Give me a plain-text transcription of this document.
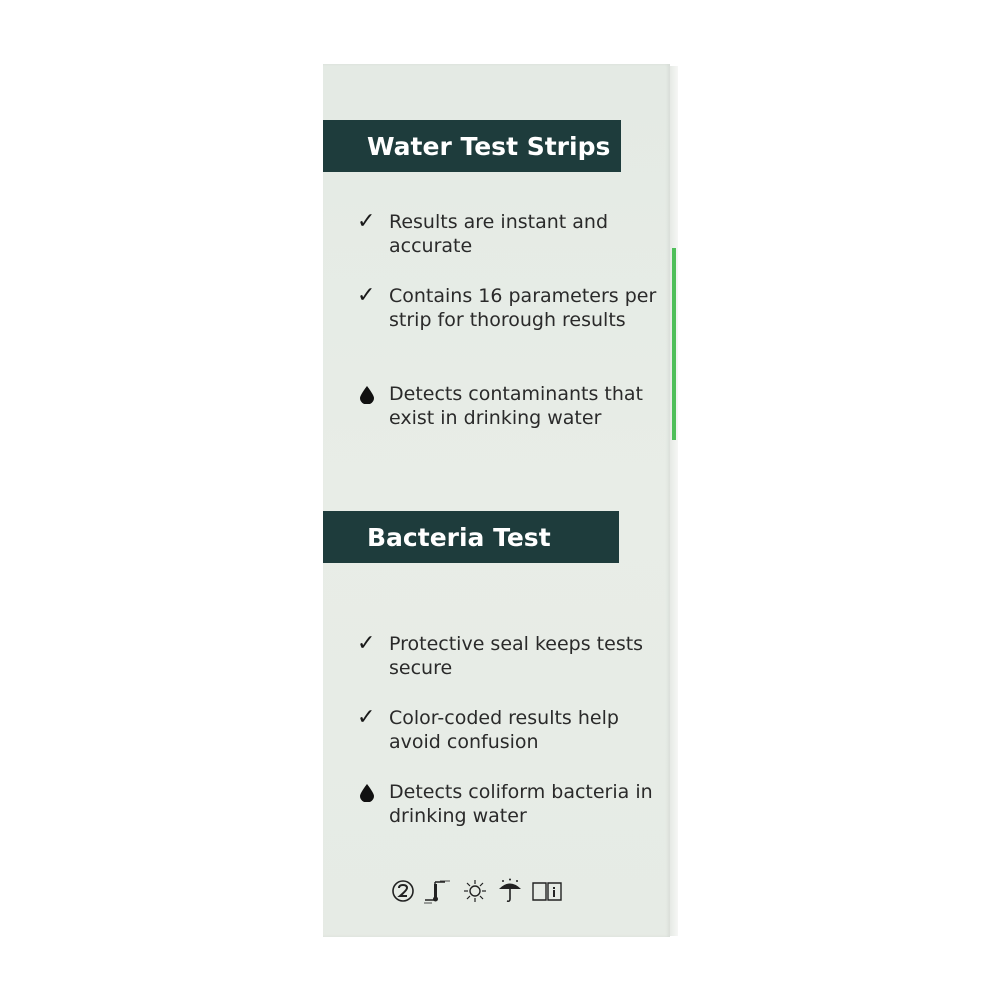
Water Test Strips
✓ Results are instant and accurate
✓ Contains 16 parameters per strip for thorough results
Detects contaminants that exist in drinking water
Bacteria Test
✓ Protective seal keeps tests secure
✓ Color-coded results help avoid confusion
Detects coliform bacteria in drinking water
